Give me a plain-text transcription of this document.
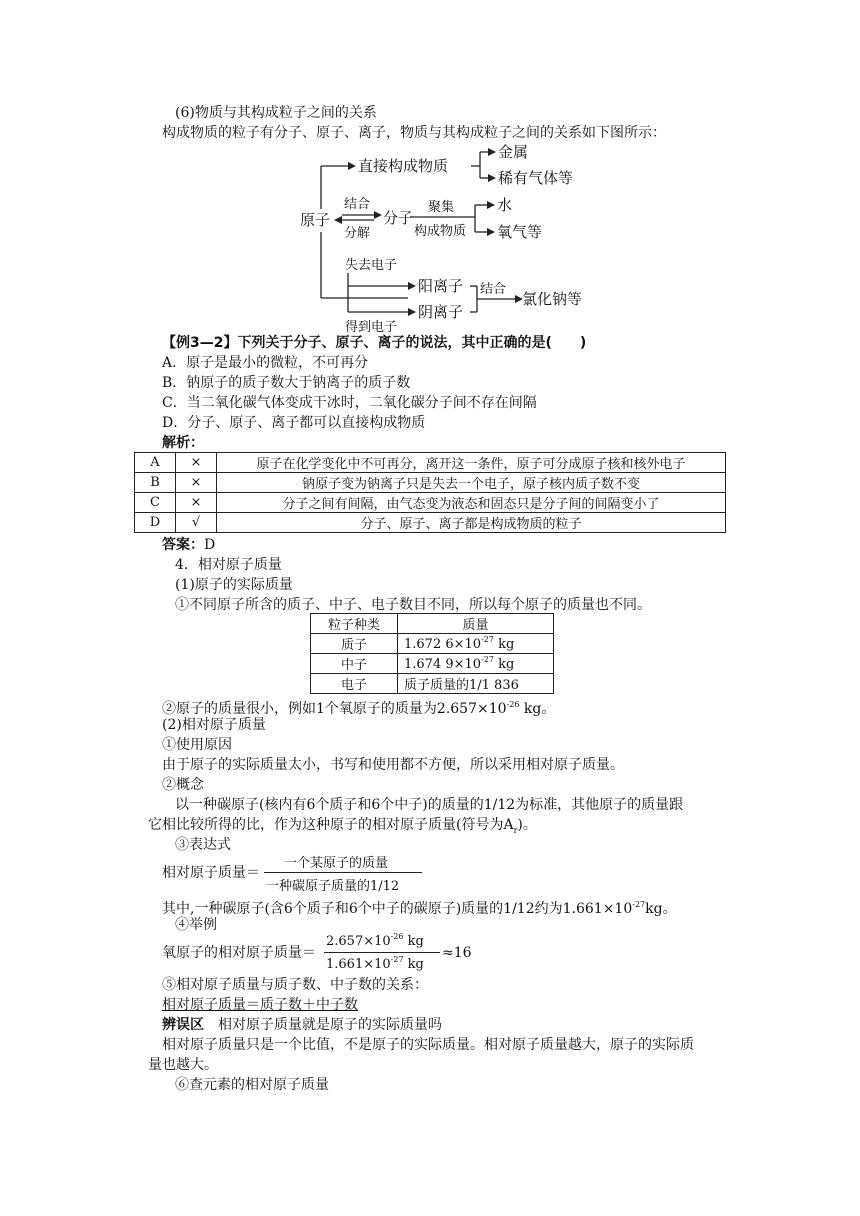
(6)物质与其构成粒子之间的关系
构成物质的粒子有分子、原子、离子，物质与其构成粒子之间的关系如下图所示：
原子
直接构成物质
金属
稀有气体等
结合
分解
分子
聚集
构成物质
水
氧气等
失去电子
阳离子
阴离子
得到电子
结合
氯化钠等
【例3—2】下列关于分子、原子、离子的说法，其中正确的是(　　)
A．原子是最小的微粒，不可再分
B．钠原子的质子数大于钠离子的质子数
C．当二氧化碳气体变成干冰时，二氧化碳分子间不存在间隔
D．分子、原子、离子都可以直接构成物质
解析：
A	×	原子在化学变化中不可再分，离开这一条件，原子可分成原子核和核外电子
B	×	钠原子变为钠离子只是失去一个电子，原子核内质子数不变
C	×	分子之间有间隔，由气态变为液态和固态只是分子间的间隔变小了
D	√	分子、原子、离子都是构成物质的粒子
答案：D
4．相对原子质量
(1)原子的实际质量
①不同原子所含的质子、中子、电子数目不同，所以每个原子的质量也不同。
粒子种类	质量
质子	1.672 $6\times 10^{-27}$ kg
中子	1.674 $9\times 10^{-27}$ kg
电子	质子质量的1/1 836
②原子的质量很小，例如1个氧原子的质量为$2.657\times 10^{-26}$ kg。
(2)相对原子质量
①使用原因
由于原子的实际质量太小，书写和使用都不方便，所以采用相对原子质量。
②概念
以一种碳原子(核内有6个质子和6个中子)的质量的1/12为标准，其他原子的质量跟
它相比较所得的比，作为这种原子的相对原子质量(符号为$A_r$)。
③表达式
相对原子质量＝
一个某原子的质量
一种碳原子质量的1/12
其中,一种碳原子(含6个质子和6个中子的碳原子)质量的1/12约为$1.661\times 10^{-27}kg$。
④举例
氧原子的相对原子质量＝
$2.657\times 10^{-26}$ kg
$1.661\times 10^{-27}$ kg
≈16
⑤相对原子质量与质子数、中子数的关系：
相对原子质量＝质子数＋中子数
辨误区　相对原子质量就是原子的实际质量吗
相对原子质量只是一个比值，不是原子的实际质量。相对原子质量越大，原子的实际质
量也越大。
⑥查元素的相对原子质量
